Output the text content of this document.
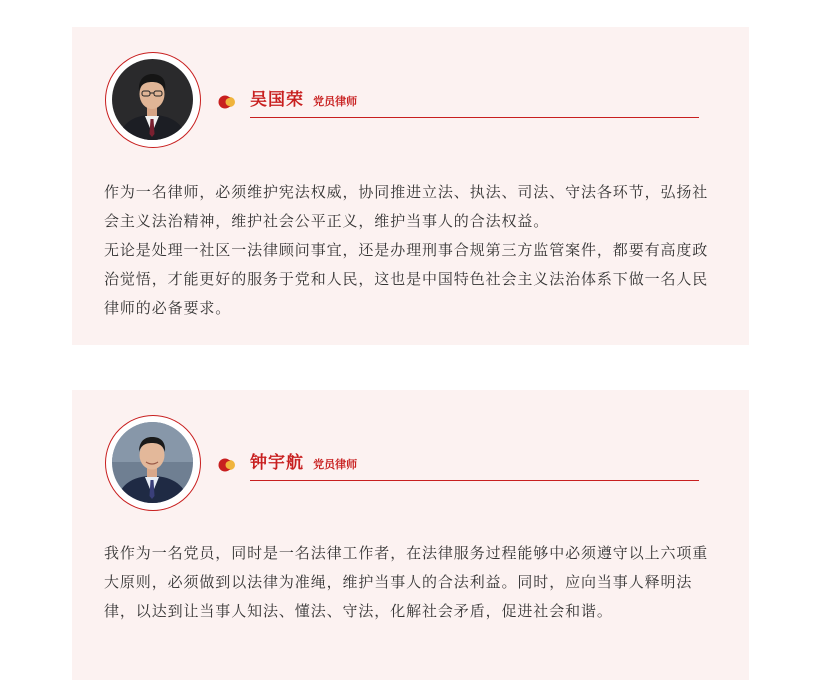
吴国荣 党员律师

作为一名律师，必须维护宪法权威，协同推进立法、执法、司法、守法各环节，弘扬社会主义法治精神，维护社会公平正义，维护当事人的合法权益。

无论是处理一社区一法律顾问事宜，还是办理刑事合规第三方监管案件，都要有高度政治觉悟，才能更好的服务于党和人民，这也是中国特色社会主义法治体系下做一名人民律师的必备要求。

钟宇航 党员律师

我作为一名党员，同时是一名法律工作者，在法律服务过程能够中必须遵守以上六项重大原则，必须做到以法律为准绳，维护当事人的合法利益。同时，应向当事人释明法律，以达到让当事人知法、懂法、守法，化解社会矛盾，促进社会和谐。
